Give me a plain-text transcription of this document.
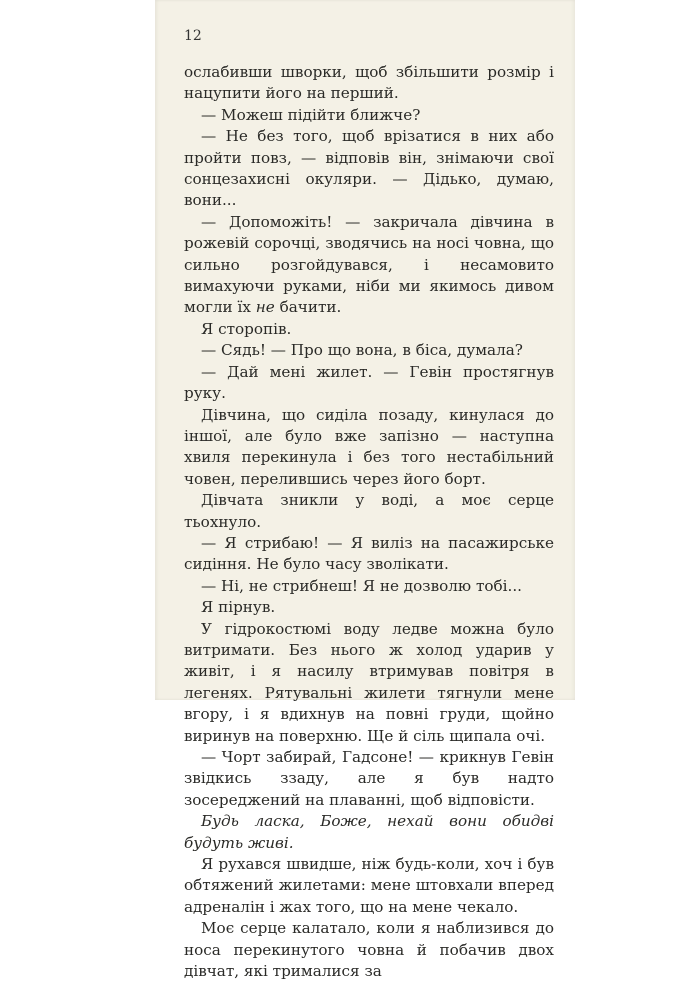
12

ослабивши шворки, щоб збільшити розмір і нацупити його на перший.

— Можеш підійти ближче?

— Не без того, щоб врізатися в них або пройти повз, — відповів він, знімаючи свої сонцезахисні окуляри. — Дідько, думаю, вони...

— Допоможіть! — закричала дівчина в рожевій сорочці, зводячись на носі човна, що сильно розгойдувався, і несамовито вимахуючи руками, ніби ми якимось дивом могли їх не бачити.

Я сторопів.

— Сядь! — Про що вона, в біса, думала?

— Дай мені жилет. — Гевін простягнув руку.

Дівчина, що сиділа позаду, кинулася до іншої, але було вже запізно — наступна хвиля перекинула і без того нестабільний човен, перелившись через його борт.

Дівчата зникли у воді, а моє серце тьохнуло.

— Я стрибаю! — Я виліз на пасажирське сидіння. Не було часу зволікати.

— Ні, не стрибнеш! Я не дозволю тобі...

Я пірнув.

У гідрокостюмі воду ледве можна було витримати. Без нього ж холод ударив у живіт, і я насилу втримував повітря в легенях. Рятувальні жилети тягнули мене вгору, і я вдихнув на повні груди, щойно виринув на поверхню. Ще й сіль щипала очі.

— Чорт забирай, Гадсоне! — крикнув Гевін звідкись ззаду, але я був надто зосереджений на плаванні, щоб відповісти.

Будь ласка, Боже, нехай вони обидві будуть живі.

Я рухався швидше, ніж будь-коли, хоч і був обтяжений жилетами: мене штовхали вперед адреналін і жах того, що на мене чекало.

Моє серце калатало, коли я наблизився до носа перекинутого човна й побачив двох дівчат, які трималися за
